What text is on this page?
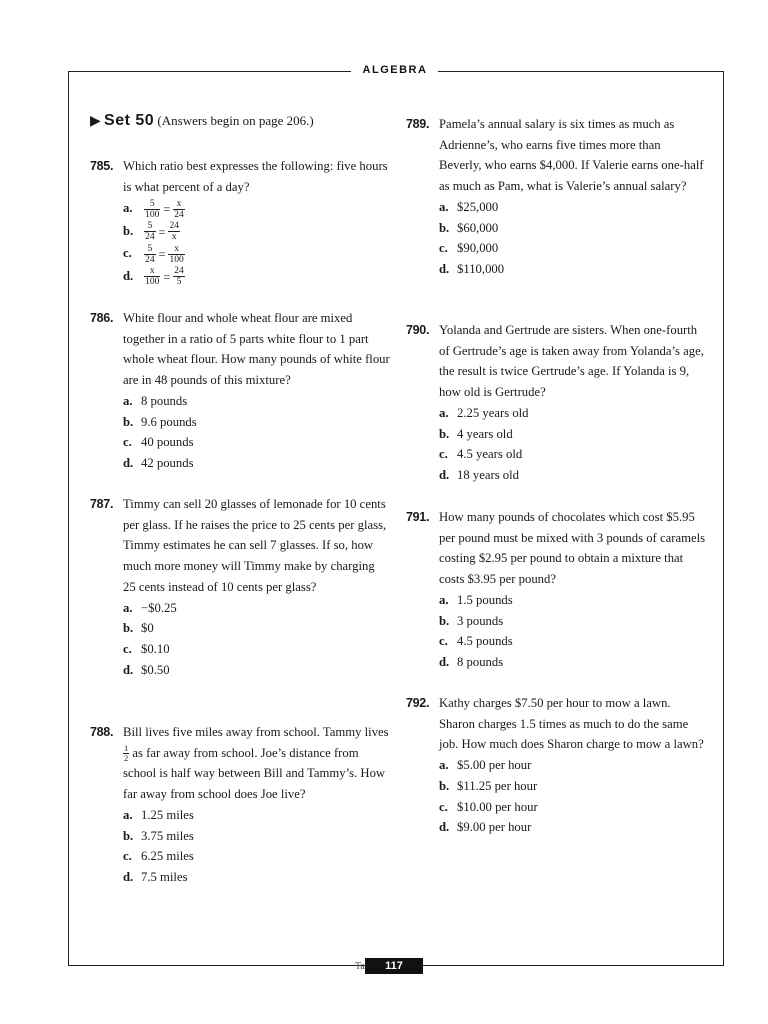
ALGEBRA
▶ Set 50 (Answers begin on page 206.)
785. Which ratio best expresses the following: five hours is what percent of a day?
a. $\frac{5}{100} = \frac{x}{24}$
b. $\frac{5}{24} = \frac{24}{x}$
c. $\frac{5}{24} = \frac{x}{100}$
d. $\frac{x}{100} = \frac{24}{5}$
786. White flour and whole wheat flour are mixed together in a ratio of 5 parts white flour to 1 part whole wheat flour. How many pounds of white flour are in 48 pounds of this mixture?
a. 8 pounds
b. 9.6 pounds
c. 40 pounds
d. 42 pounds
787. Timmy can sell 20 glasses of lemonade for 10 cents per glass. If he raises the price to 25 cents per glass, Timmy estimates he can sell 7 glasses. If so, how much more money will Timmy make by charging 25 cents instead of 10 cents per glass?
a. −$0.25
b. $0
c. $0.10
d. $0.50
788. Bill lives five miles away from school. Tammy lives
$\frac{1}{2}$ as far away from school. Joe’s distance from school is half way between Bill and Tammy’s. How far away from school does Joe live?
a. 1.25 miles
b. 3.75 miles
c. 6.25 miles
d. 7.5 miles
789. Pamela’s annual salary is six times as much as Adrienne’s, who earns five times more than Beverly, who earns $4,000. If Valerie earns one-half as much as Pam, what is Valerie’s annual salary?
a. $25,000
b. $60,000
c. $90,000
d. $110,000
790. Yolanda and Gertrude are sisters. When one-fourth of Gertrude’s age is taken away from Yolanda’s age, the result is twice Gertrude’s age. If Yolanda is 9, how old is Gertrude?
a. 2.25 years old
b. 4 years old
c. 4.5 years old
d. 18 years old
791. How many pounds of chocolates which cost $5.95 per pound must be mixed with 3 pounds of caramels costing $2.95 per pound to obtain a mixture that costs $3.95 per pound?
a. 1.5 pounds
b. 3 pounds
c. 4.5 pounds
d. 8 pounds
792. Kathy charges $7.50 per hour to mow a lawn. Sharon charges 1.5 times as much to do the same job. How much does Sharon charge to mow a lawn?
a. $5.00 per hour
b. $11.25 per hour
c. $10.00 per hour
d. $9.00 per hour
Ta	117
